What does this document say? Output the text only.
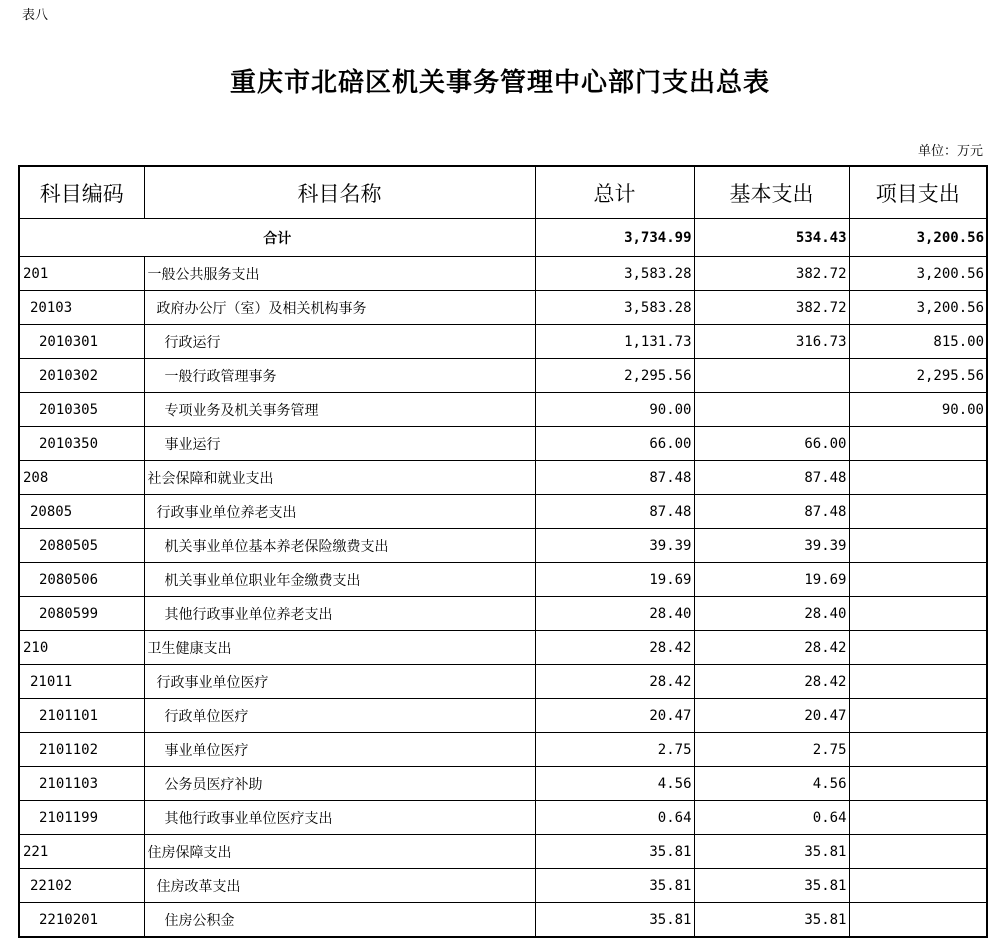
表八
重庆市北碚区机关事务管理中心部门支出总表
单位：万元
科目编码	科目名称	总计	基本支出	项目支出
合计		3,734.99	534.43	3,200.56
201	一般公共服务支出	3,583.28	382.72	3,200.56
20103	政府办公厅（室）及相关机构事务	3,583.28	382.72	3,200.56
2010301	行政运行	1,131.73	316.73	815.00
2010302	一般行政管理事务	2,295.56		2,295.56
2010305	专项业务及机关事务管理	90.00		90.00
2010350	事业运行	66.00	66.00	
208	社会保障和就业支出	87.48	87.48	
20805	行政事业单位养老支出	87.48	87.48	
2080505	机关事业单位基本养老保险缴费支出	39.39	39.39	
2080506	机关事业单位职业年金缴费支出	19.69	19.69	
2080599	其他行政事业单位养老支出	28.40	28.40	
210	卫生健康支出	28.42	28.42	
21011	行政事业单位医疗	28.42	28.42	
2101101	行政单位医疗	20.47	20.47	
2101102	事业单位医疗	2.75	2.75	
2101103	公务员医疗补助	4.56	4.56	
2101199	其他行政事业单位医疗支出	0.64	0.64	
221	住房保障支出	35.81	35.81	
22102	住房改革支出	35.81	35.81	
2210201	住房公积金	35.81	35.81	
